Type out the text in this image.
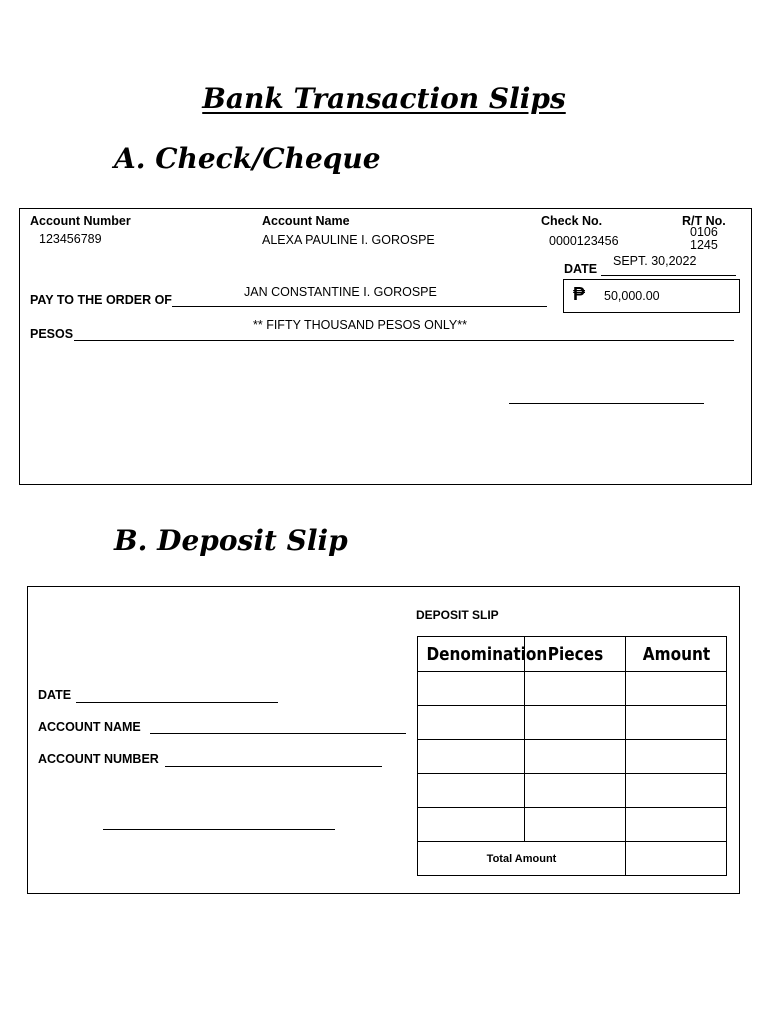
Bank Transaction Slips
A. Check/Cheque
Account Number
123456789
Account Name
ALEXA PAULINE I. GOROSPE
Check No.
0000123456
R/T No.
0106
1245
DATE
SEPT. 30,2022
PAY TO THE ORDER OF
JAN CONSTANTINE I. GOROSPE	₱ 50,000.00
PESOS
** FIFTY THOUSAND PESOS ONLY**
B. Deposit Slip
DEPOSIT SLIP
DATE
ACCOUNT NAME
ACCOUNT NUMBER
Denomination	Pieces	Amount

Total Amount		
